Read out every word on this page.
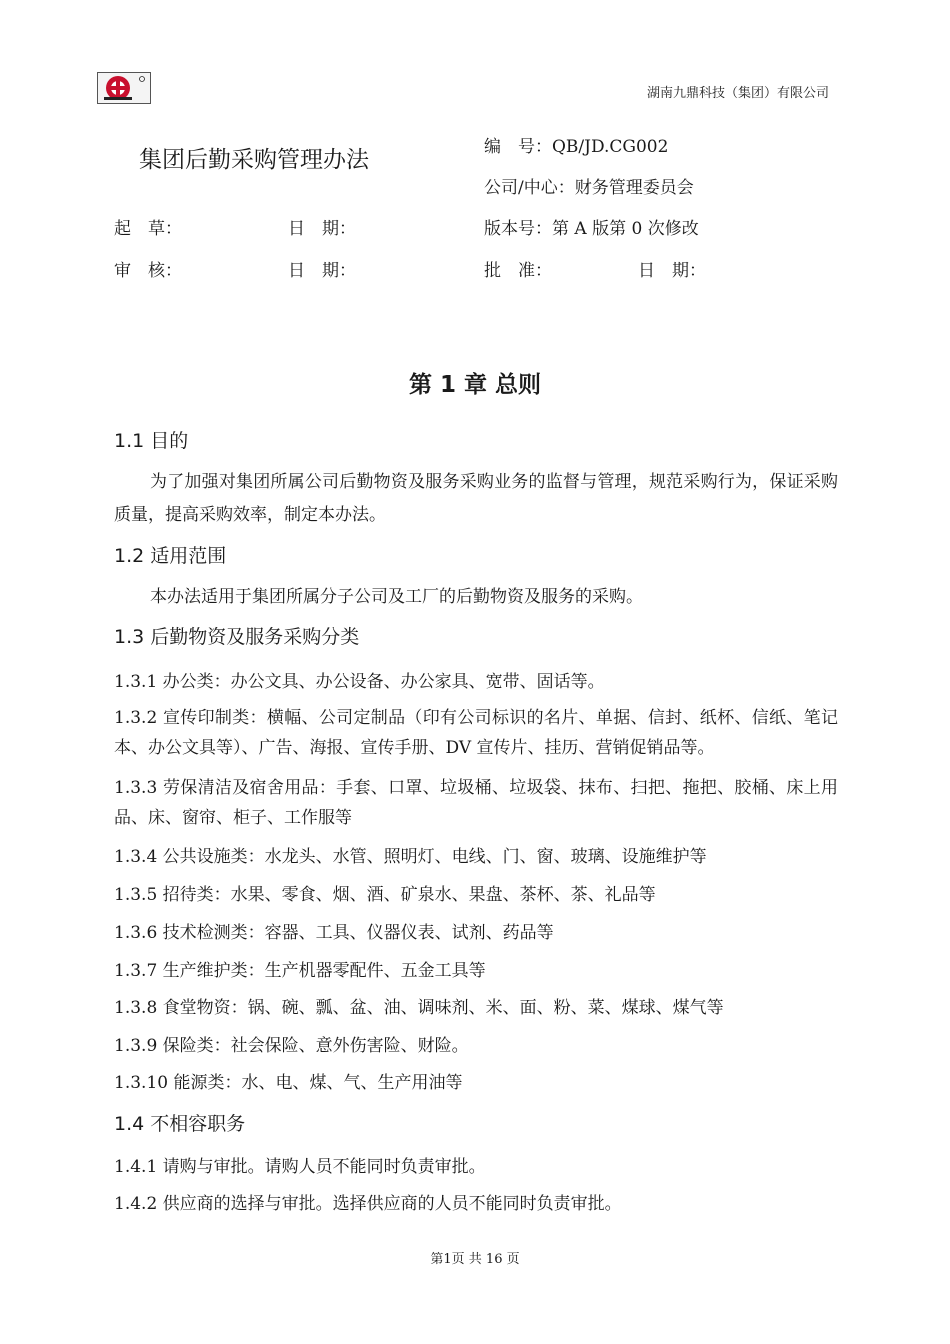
湖南九鼎科技（集团）有限公司
集团后勤采购管理办法	编　号：QB/JD.CG002
公司/中心：财务管理委员会
起　草：	日　期：	版本号：第 A 版第 0 次修改
审　核：	日　期：	批　准：	日　期：
第 1 章 总则
1.1 目的
为了加强对集团所属公司后勤物资及服务采购业务的监督与管理，规范采购行为，保证采购质量，提高采购效率，制定本办法。
1.2 适用范围
本办法适用于集团所属分子公司及工厂的后勤物资及服务的采购。
1.3 后勤物资及服务采购分类
1.3.1 办公类：办公文具、办公设备、办公家具、宽带、固话等。
1.3.2 宣传印制类：横幅、公司定制品（印有公司标识的名片、单据、信封、纸杯、信纸、笔记本、办公文具等）、广告、海报、宣传手册、DV 宣传片、挂历、营销促销品等。
1.3.3 劳保清洁及宿舍用品：手套、口罩、垃圾桶、垃圾袋、抹布、扫把、拖把、胶桶、床上用品、床、窗帘、柜子、工作服等
1.3.4 公共设施类：水龙头、水管、照明灯、电线、门、窗、玻璃、设施维护等
1.3.5 招待类：水果、零食、烟、酒、矿泉水、果盘、茶杯、茶、礼品等
1.3.6 技术检测类：容器、工具、仪器仪表、试剂、药品等
1.3.7 生产维护类：生产机器零配件、五金工具等
1.3.8 食堂物资：锅、碗、瓢、盆、油、调味剂、米、面、粉、菜、煤球、煤气等
1.3.9 保险类：社会保险、意外伤害险、财险。
1.3.10 能源类：水、电、煤、气、生产用油等
1.4 不相容职务
1.4.1 请购与审批。请购人员不能同时负责审批。
1.4.2 供应商的选择与审批。选择供应商的人员不能同时负责审批。
第1页 共 16 页
